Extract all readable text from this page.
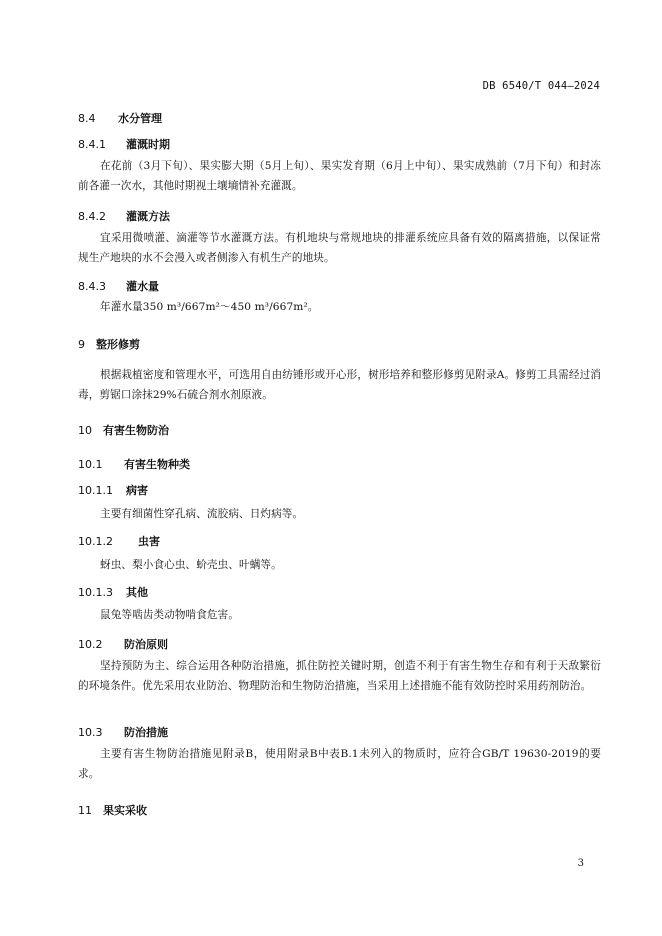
DB 6540/T 044—2024
8.4 水分管理
8.4.1 灌溉时期
在花前（3月下旬）、果实膨大期（5月上旬）、果实发育期（6月上中旬）、果实成熟前（7月下旬）和封冻前各灌一次水，其他时期视土壤墒情补充灌溉。
8.4.2 灌溉方法
宜采用微喷灌、滴灌等节水灌溉方法。有机地块与常规地块的排灌系统应具备有效的隔离措施，以保证常规生产地块的水不会漫入或者侧渗入有机生产的地块。
8.4.3 灌水量
年灌水量350 m³/667m²～450 m³/667m²。
9 整形修剪
根据栽植密度和管理水平，可选用自由纺锤形或开心形，树形培养和整形修剪见附录A。修剪工具需经过消毒，剪锯口涂抹29%石硫合剂水剂原液。
10 有害生物防治
10.1 有害生物种类
10.1.1 病害
主要有细菌性穿孔病、流胶病、日灼病等。
10.1.2 虫害
蚜虫、梨小食心虫、蚧壳虫、叶螨等。
10.1.3 其他
鼠兔等啮齿类动物啃食危害。
10.2 防治原则
坚持预防为主、综合运用各种防治措施，抓住防控关键时期，创造不利于有害生物生存和有利于天敌繁衍的环境条件。优先采用农业防治、物理防治和生物防治措施，当采用上述措施不能有效防控时采用药剂防治。
10.3 防治措施
主要有害生物防治措施见附录B，使用附录B中表B.1未列入的物质时，应符合GB/T 19630-2019的要求。
11 果实采收
3
